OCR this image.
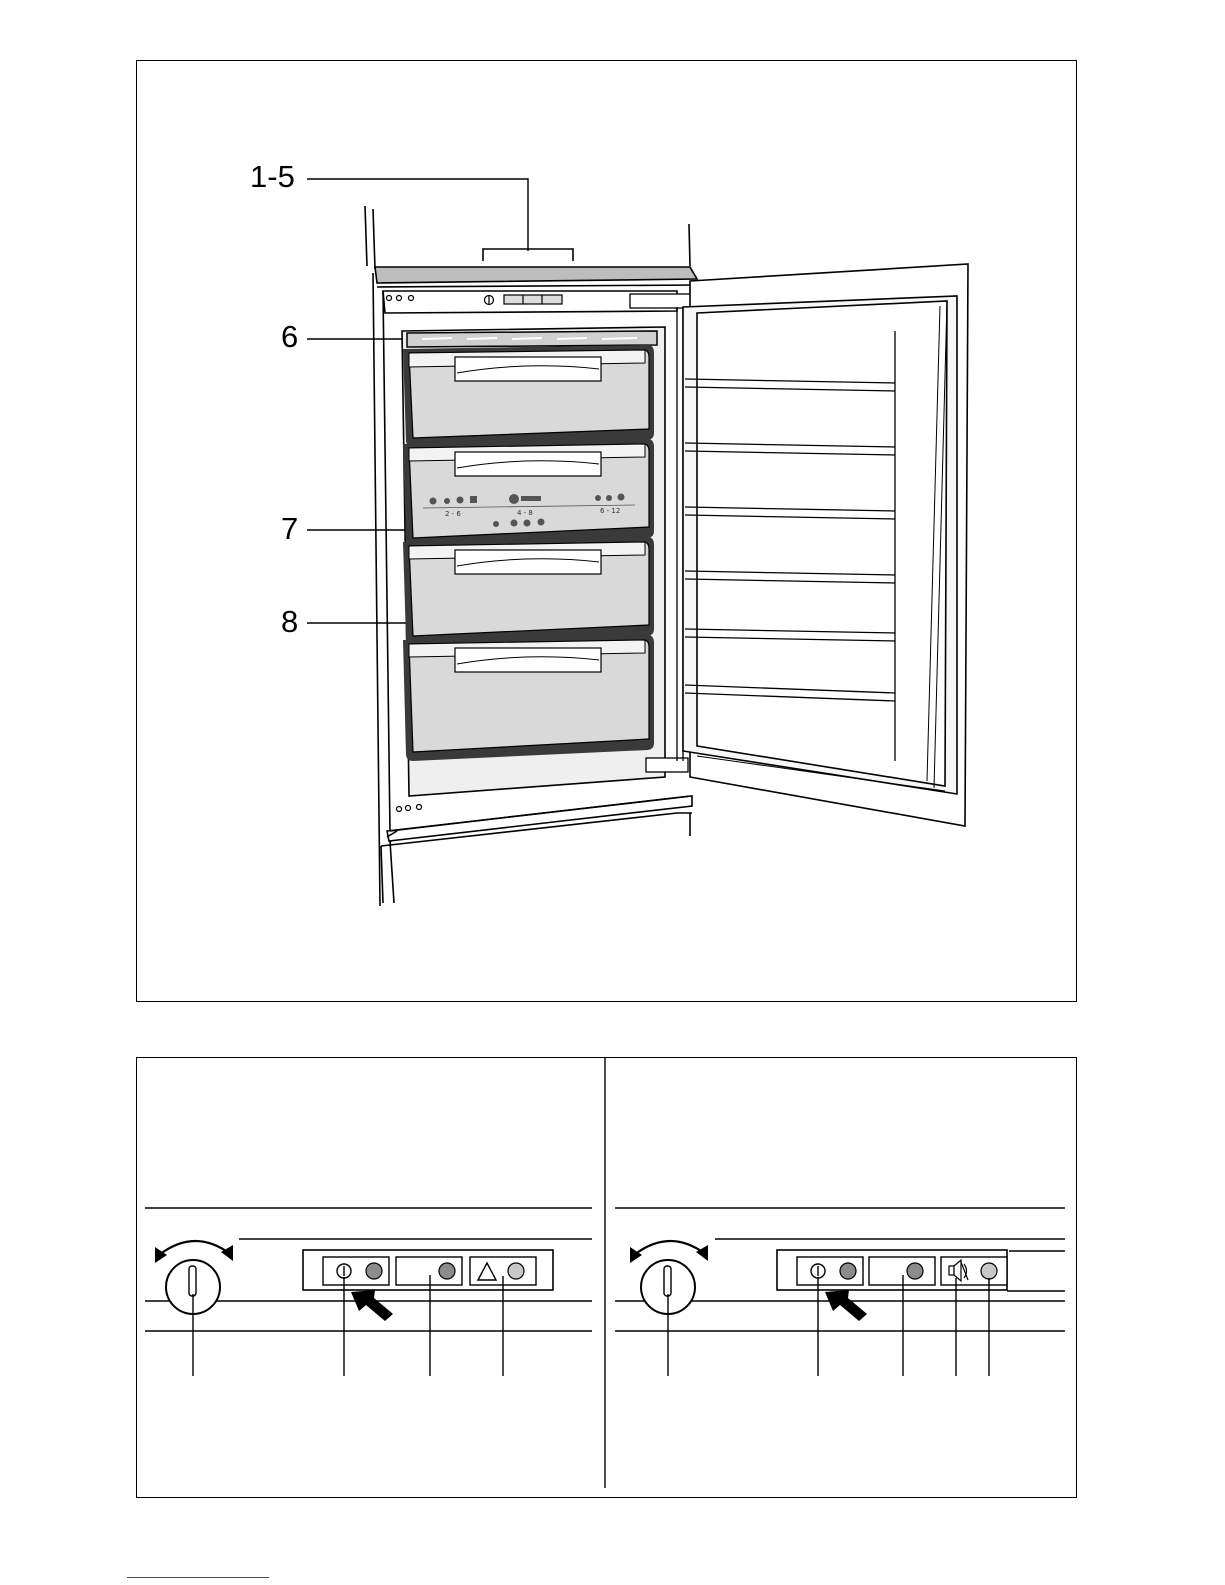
1-5
6
7
8
2 - 6	4 - 8	6 - 12
